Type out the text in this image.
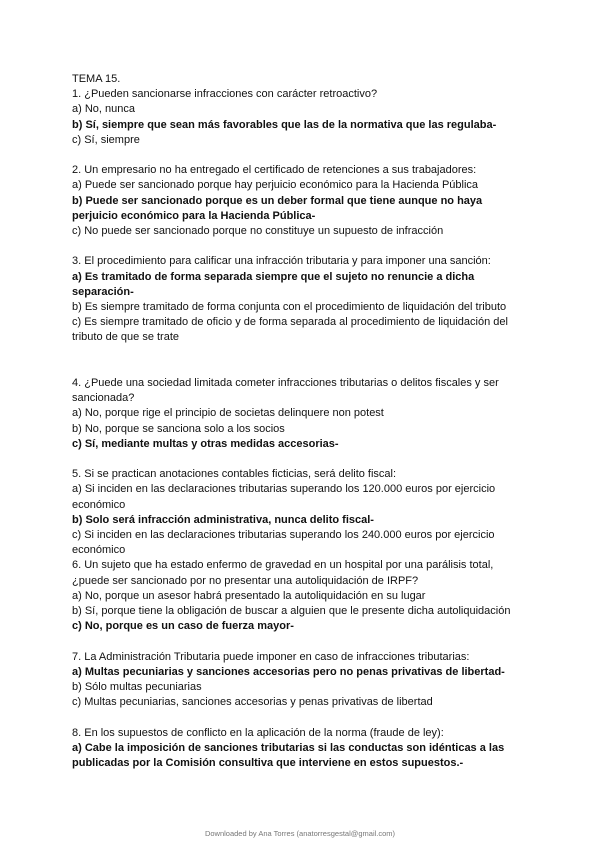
TEMA 15.

1. ¿Pueden sancionarse infracciones con carácter retroactivo?

a) No, nunca

b) Sí, siempre que sean más favorables que las de la normativa que las regulaba-

c) Sí, siempre

2. Un empresario no ha entregado el certificado de retenciones a sus trabajadores:

a) Puede ser sancionado porque hay perjuicio económico para la Hacienda Pública

b) Puede ser sancionado porque es un deber formal que tiene aunque no haya

perjuicio económico para la Hacienda Pública-

c) No puede ser sancionado porque no constituye un supuesto de infracción

3. El procedimiento para calificar una infracción tributaria y para imponer una sanción:

a) Es tramitado de forma separada siempre que el sujeto no renuncie a dicha

separación-

b) Es siempre tramitado de forma conjunta con el procedimiento de liquidación del tributo

c) Es siempre tramitado de oficio y de forma separada al procedimiento de liquidación del

tributo de que se trate

4. ¿Puede una sociedad limitada cometer infracciones tributarias o delitos fiscales y ser

sancionada?

a) No, porque rige el principio de societas delinquere non potest

b) No, porque se sanciona solo a los socios

c) Sí, mediante multas y otras medidas accesorias-

5. Si se practican anotaciones contables ficticias, será delito fiscal:

a) Si inciden en las declaraciones tributarias superando los 120.000 euros por ejercicio

económico

b) Solo será infracción administrativa, nunca delito fiscal-

c) Si inciden en las declaraciones tributarias superando los 240.000 euros por ejercicio

económico

6. Un sujeto que ha estado enfermo de gravedad en un hospital por una parálisis total,

¿puede ser sancionado por no presentar una autoliquidación de IRPF?

a) No, porque un asesor habrá presentado la autoliquidación en su lugar

b) Sí, porque tiene la obligación de buscar a alguien que le presente dicha autoliquidación

c) No, porque es un caso de fuerza mayor-

7. La Administración Tributaria puede imponer en caso de infracciones tributarias:

a) Multas pecuniarias y sanciones accesorias pero no penas privativas de libertad-

b) Sólo multas pecuniarias

c) Multas pecuniarias, sanciones accesorias y penas privativas de libertad

8. En los supuestos de conflicto en la aplicación de la norma (fraude de ley):

a) Cabe la imposición de sanciones tributarias si las conductas son idénticas a las

publicadas por la Comisión consultiva que interviene en estos supuestos.-

Downloaded by Ana Torres (anatorresgestal@gmail.com)
